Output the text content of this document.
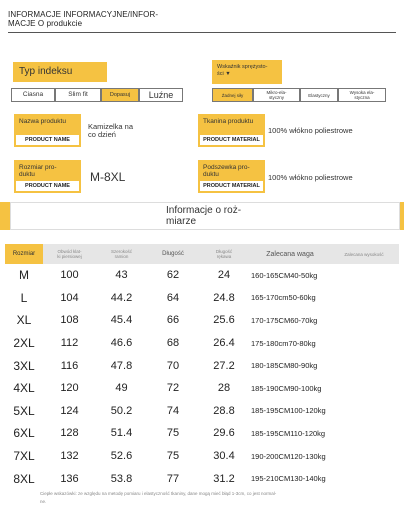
INFORMACJE INFORMACYJNE/INFOR-
MACJE O produkcie
Typ indeksu
Ciasna	Slim fit	Dopasuj	Luźne
Wskaźnik sprężysto-
ści ▼
Żadnej siły	Mikro-ela-
styczny	Elastyczny	Wysoka ela-
styczna
Nazwa produktu
PRODUCT NAME
Kamizelka na
co dzień
Tkanina produktu
PRODUCT MATERIAL
100% włókno poliestrowe
Rozmiar pro-
duktu
PRODUCT NAME
M-8XL
Podszewka pro-
duktu
PRODUCT MATERIAL
100% włókno poliestrowe
Informacje o roż-
miarze
Rozmiar	Obwód klat-
ki piersiowej
Szerokość
ramion	Długość	Długość
rękawa	Zalecana waga	Zalecana wysokość
M	100	43	62	24	160-165CM40-50kg
L	104	44.2	64	24.8	165-170cm50-60kg
XL	108	45.4	66	25.6	170-175CM60-70kg
2XL	112	46.6	68	26.4	175-180cm70-80kg
3XL	116	47.8	70	27.2	180-185CM80-90kg
4XL	120	49	72	28	185-190CM90-100kg
5XL	124	50.2	74	28.8	185-195CM100-120kg
6XL	128	51.4	75	29.6	185-195CM110-120kg
7XL	132	52.6	75	30.4	190-200CM120-130kg
8XL	136	53.8	77	31.2	195-210CM130-140kg
Ciepłe wskazówki: ze względu na metodę pomiaru i elastyczność tkaniny, dane mogą mieć błąd 1-3cm, co jest normal-
ne.
